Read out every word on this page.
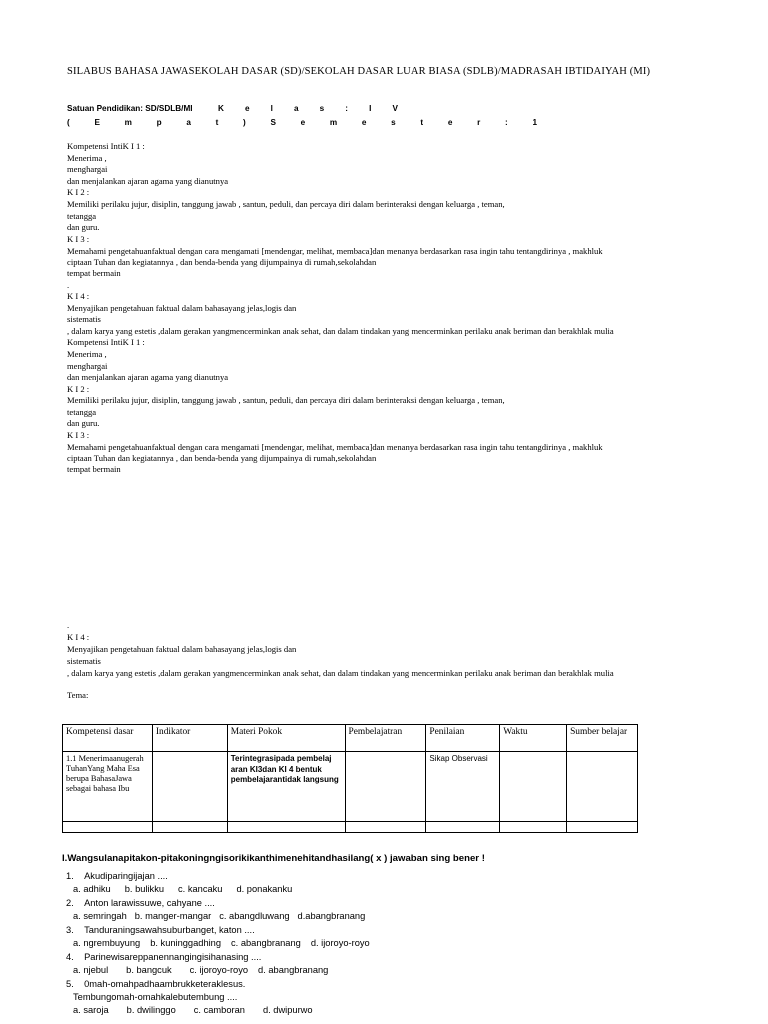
SILABUS BAHASA JAWASEKOLAH DASAR (SD)/SEKOLAH DASAR LUAR BIASA (SDLB)/MADRASAH IBTIDAIYAH (MI)
Satuan Pendidikan: SD/SDLB/MI	K	e	l	a	s	:	I	V
(	E	m	p	a	t	)	S	e	m	e	s	t	e	r	:	1
Kompetensi IntiK I 1 :
Menerima ,
menghargai
dan menjalankan ajaran agama yang dianutnya
K I 2 :
Memiliki perilaku jujur, disiplin, tanggung jawab , santun, peduli, dan percaya diri dalam berinteraksi dengan keluarga , teman,
tetangga
dan guru.
K I 3 :
Memahami pengetahuanfaktual dengan cara mengamati [mendengar, melihat, membaca]dan menanya berdasarkan rasa ingin tahu tentangdirinya , makhluk
ciptaan Tuhan dan kegiatannya , dan benda-benda yang dijumpainya di rumah,sekolahdan
tempat bermain
.
K I 4 :
Menyajikan pengetahuan faktual dalam bahasayang jelas,logis dan
sistematis
, dalam karya yang estetis ,dalam gerakan yangmencerminkan anak sehat, dan dalam tindakan yang mencerminkan perilaku anak beriman dan berakhlak mulia
Kompetensi IntiK I 1 :
Menerima ,
menghargai
dan menjalankan ajaran agama yang dianutnya
K I 2 :
Memiliki perilaku jujur, disiplin, tanggung jawab , santun, peduli, dan percaya diri dalam berinteraksi dengan keluarga , teman,
tetangga
dan guru.
K I 3 :
Memahami pengetahuanfaktual dengan cara mengamati [mendengar, melihat, membaca]dan menanya berdasarkan rasa ingin tahu tentangdirinya , makhluk
ciptaan Tuhan dan kegiatannya , dan benda-benda yang dijumpainya di rumah,sekolahdan
tempat bermain
.
K I 4 :
Menyajikan pengetahuan faktual dalam bahasayang jelas,logis dan
sistematis
, dalam karya yang estetis ,dalam gerakan yangmencerminkan anak sehat, dan dalam tindakan yang mencerminkan perilaku anak beriman dan berakhlak mulia
Tema:
Kompetensi dasar	Indikator	Materi Pokok	Pembelajatran	Penilaian	Waktu	Sumber belajar
1.1 Menerimaanugerah TuhanYang Maha Esa berupa BahasaJawa sebagai bahasa Ibu		Terintegrasipada pembelaj aran KI3dan KI 4 bentuk pembelajarantidak langsung		Sikap Observasi		

I.Wangsulanapitakon-pitakoningngisorikikanthimenehitandhasilang( x ) jawaban sing bener !
1. Akudiparingijajan ....
a. adhiku b. bulikku c. kancaku d. ponakanku
2. Anton larawissuwe, cahyane ....
a. semringah b. manger-mangar c. abangdluwang d.abangbranang
3. Tanduraningsawahsuburbanget, katon ....
a. ngrembuyung b. kuninggadhing c. abangbranang d. ijoroyo-royo
4. Parinewisareppanennangingisihanasing ....
a. njebul b. bangcuk c. ijoroyo-royo d. abangbranang
5. 0mah-omahpadhaambrukketeraklesus.
Tembungomah-omahkalebutembung ....
a. saroja b. dwilinggo c. camboran d. dwipurwo
